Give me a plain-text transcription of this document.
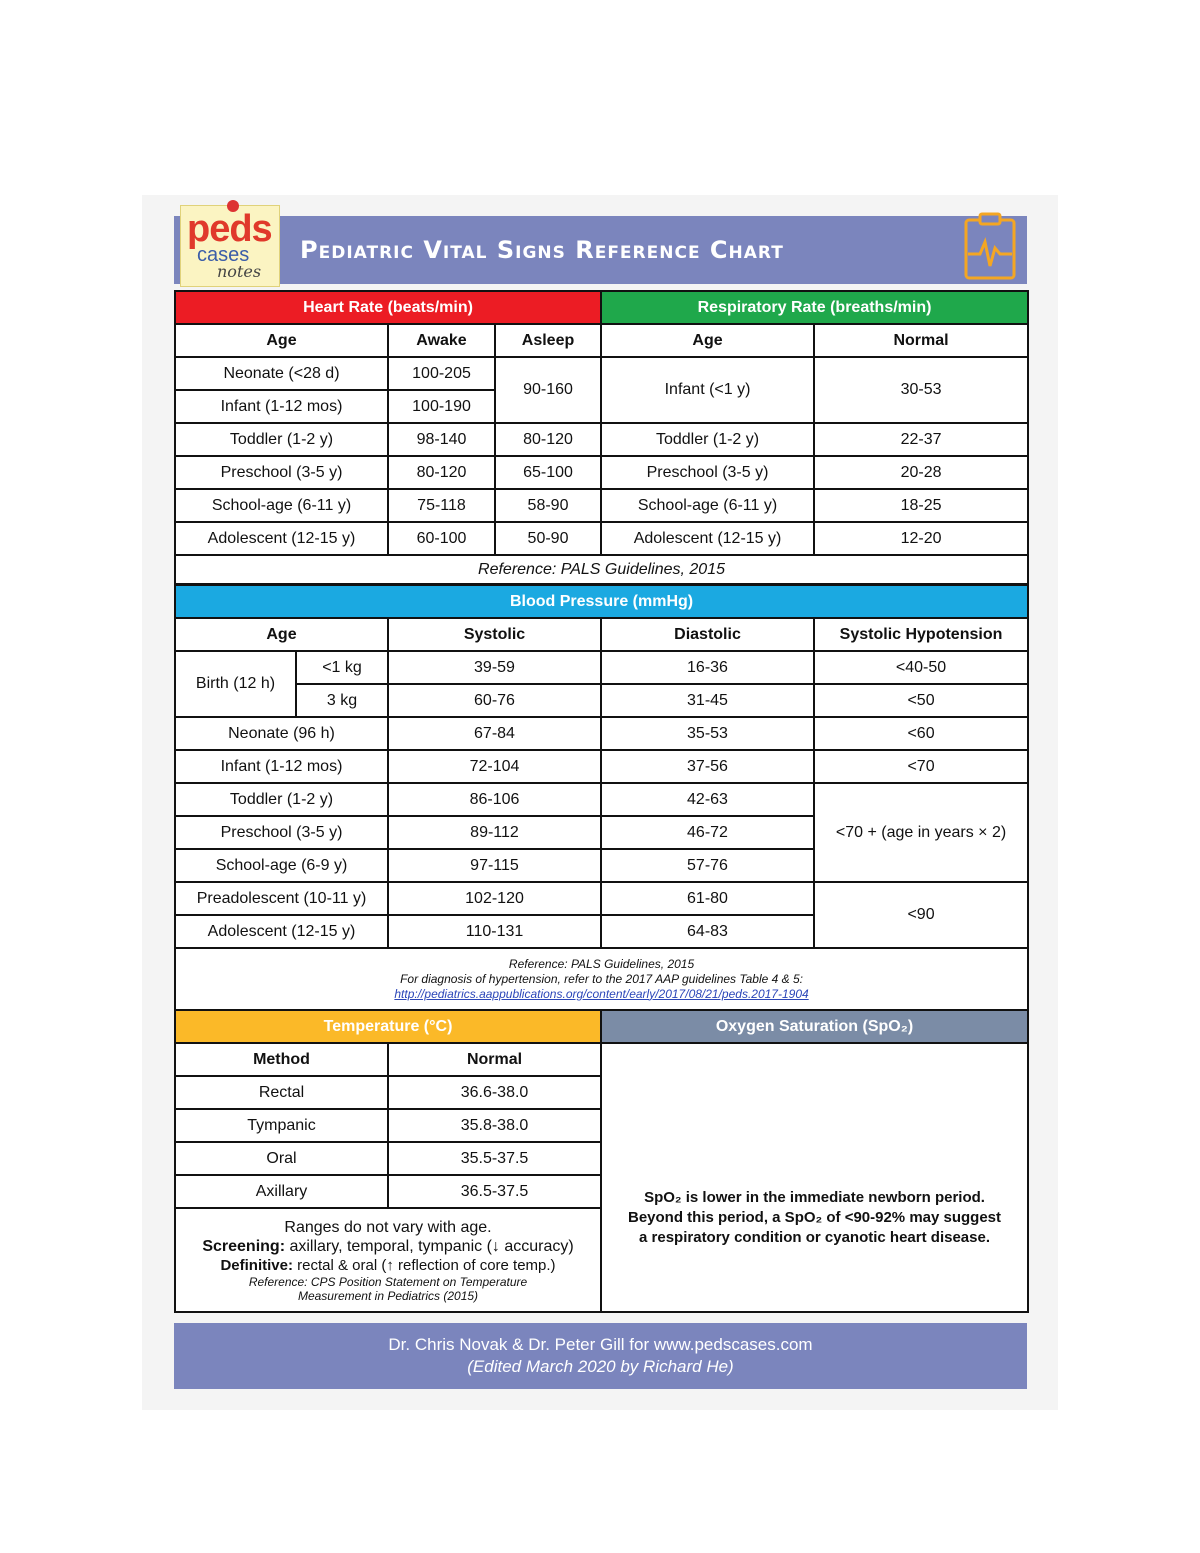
peds
cases
notes
Pediatric Vital Signs Reference Chart
Heart Rate (beats/min)			Respiratory Rate (breaths/min)	
Age	Awake	Asleep	Age	Normal
Neonate (<28 d)	100-205	90-160	Infant (<1 y)	30-53
Infant (1-12 mos)	100-190			
Toddler (1-2 y)	98-140	80-120	Toddler (1-2 y)	22-37
Preschool (3-5 y)	80-120	65-100	Preschool (3-5 y)	20-28
School-age (6-11 y)	75-118	58-90	School-age (6-11 y)	18-25
Adolescent (12-15 y)	60-100	50-90	Adolescent (12-15 y)	12-20
Reference: PALS Guidelines, 2015				
Blood Pressure (mmHg)				
Age		Systolic	Diastolic	Systolic Hypotension
Birth (12 h)	<1 kg	39-59	16-36	<40-50
	3 kg	60-76	31-45	<50
Neonate (96 h)		67-84	35-53	<60
Infant (1-12 mos)		72-104	37-56	<70
Toddler (1-2 y)		86-106	42-63	<70 + (age in years × 2)
Preschool (3-5 y)		89-112	46-72	
School-age (6-9 y)		97-115	57-76	
Preadolescent (10-11 y)		102-120	61-80	<90
Adolescent (12-15 y)		110-131	64-83	

Reference: PALS Guidelines, 2015
For diagnosis of hypertension, refer to the 2017 AAP guidelines Table 4 & 5:
http://pediatrics.aappublications.org/content/early/2017/08/21/peds.2017-1904				
Temperature (°C)		Oxygen Saturation (SpO₂)
Method	Normal	SpO₂ is lower in the immediate newborn period.
Beyond this period, a SpO₂ of <90-92% may suggest
a respiratory condition or cyanotic heart disease.

Rectal	36.6-38.0	
Tympanic	35.8-38.0	
Oral	35.5-37.5	
Axillary	36.5-37.5	

Ranges do not vary with age.
Screening: axillary, temporal, tympanic (↓ accuracy)
Definitive: rectal & oral (↑ reflection of core temp.)
Reference: CPS Position Statement on Temperature
Measurement in Pediatrics (2015)		
Dr. Chris Novak & Dr. Peter Gill for www.pedscases.com
(Edited March 2020 by Richard He)
